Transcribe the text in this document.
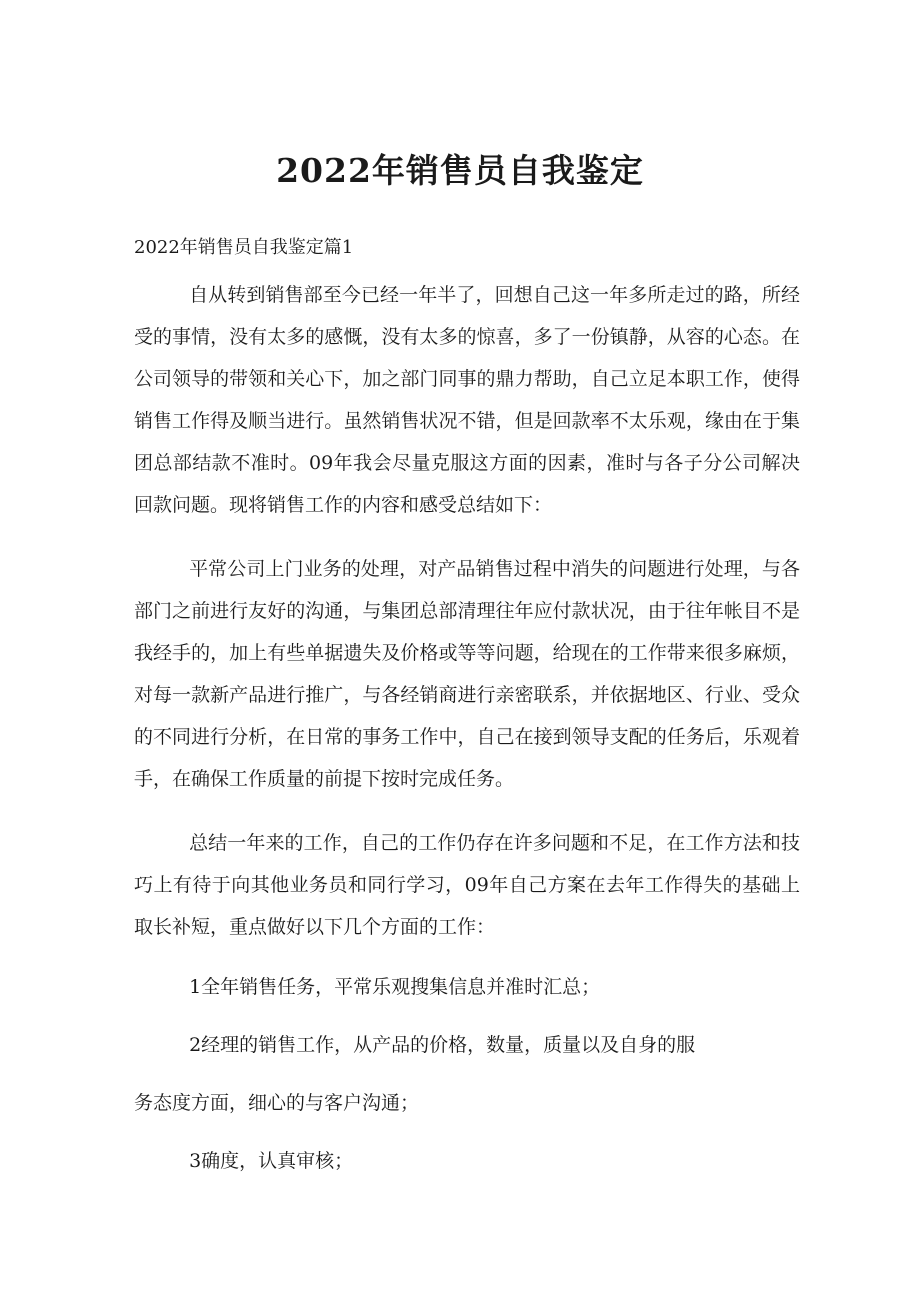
2022年销售员自我鉴定

2022年销售员自我鉴定篇1

自从转到销售部至今已经一年半了，回想自己这一年多所走过的路，所经受的事情，没有太多的感慨，没有太多的惊喜，多了一份镇静，从容的心态。在公司领导的带领和关心下，加之部门同事的鼎力帮助，自己立足本职工作，使得销售工作得及顺当进行。虽然销售状况不错，但是回款率不太乐观，缘由在于集团总部结款不准时。09年我会尽量克服这方面的因素，准时与各子分公司解决回款问题。现将销售工作的内容和感受总结如下：

平常公司上门业务的处理，对产品销售过程中消失的问题进行处理，与各部门之前进行友好的沟通，与集团总部清理往年应付款状况，由于往年帐目不是我经手的，加上有些单据遗失及价格或等等问题，给现在的工作带来很多麻烦，对每一款新产品进行推广，与各经销商进行亲密联系，并依据地区、行业、受众的不同进行分析，在日常的事务工作中，自己在接到领导支配的任务后，乐观着手，在确保工作质量的前提下按时完成任务。

总结一年来的工作，自己的工作仍存在许多问题和不足，在工作方法和技巧上有待于向其他业务员和同行学习，09年自己方案在去年工作得失的基础上取长补短，重点做好以下几个方面的工作：

1全年销售任务，平常乐观搜集信息并准时汇总；

2经理的销售工作，从产品的价格，数量，质量以及自身的服

务态度方面，细心的与客户沟通；

3确度，认真审核；
